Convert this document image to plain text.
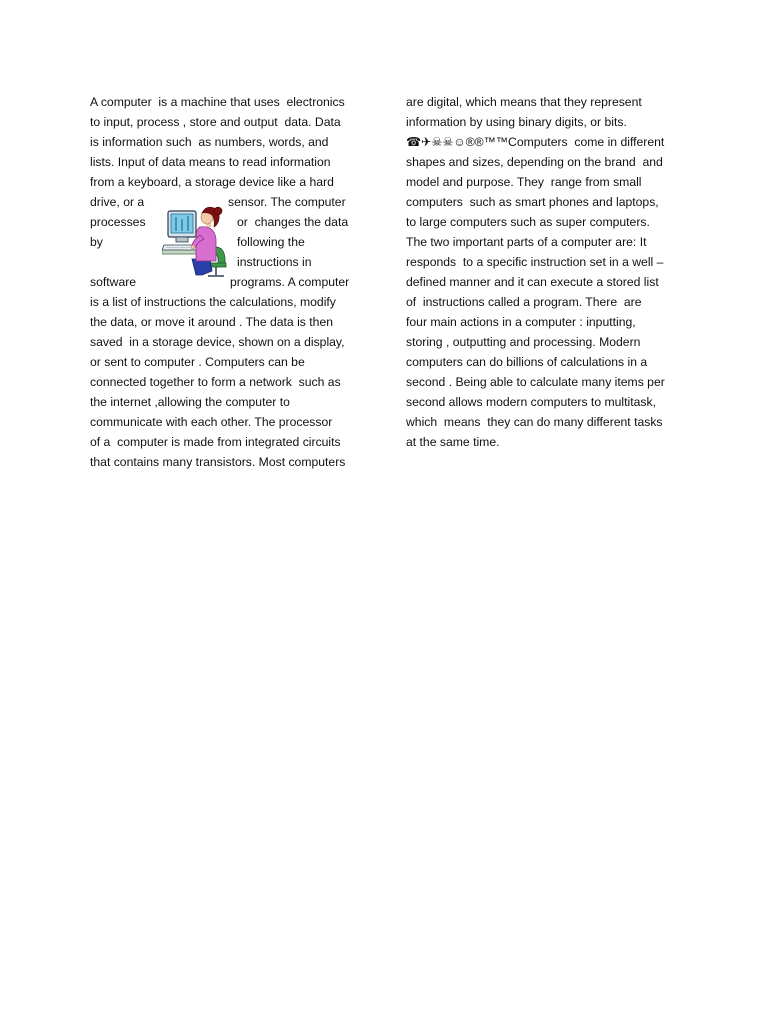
A computer  is a machine that uses  electronics
to input, process , store and output  data. Data
is information such  as numbers, words, and
lists. Input of data means to read information
from a keyboard, a storage device like a hard

drive, or a

	sensor. The computer

processes

	or  changes the data

by

	following the

instructions in

software

	programs. A computer

is a list of instructions the calculations, modify
the data, or move it around . The data is then
saved  in a storage device, shown on a display,
or sent to computer . Computers can be
connected together to form a network  such as
the internet ,allowing the computer to
communicate with each other. The processor
of a  computer is made from integrated circuits
that contains many transistors. Most computers
are digital, which means that they represent
information by using binary digits, or bits.
☎✈☠☠☺®®™™Computers  come in different
shapes and sizes, depending on the brand  and
model and purpose. They  range from small
computers  such as smart phones and laptops,
to large computers such as super computers.
The two important parts of a computer are: It
responds  to a specific instruction set in a well –
defined manner and it can execute a stored list
of  instructions called a program. There  are
four main actions in a computer : inputting,
storing , outputting and processing. Modern
computers can do billions of calculations in a
second . Being able to calculate many items per
second allows modern computers to multitask,
which  means  they can do many different tasks
at the same time.
